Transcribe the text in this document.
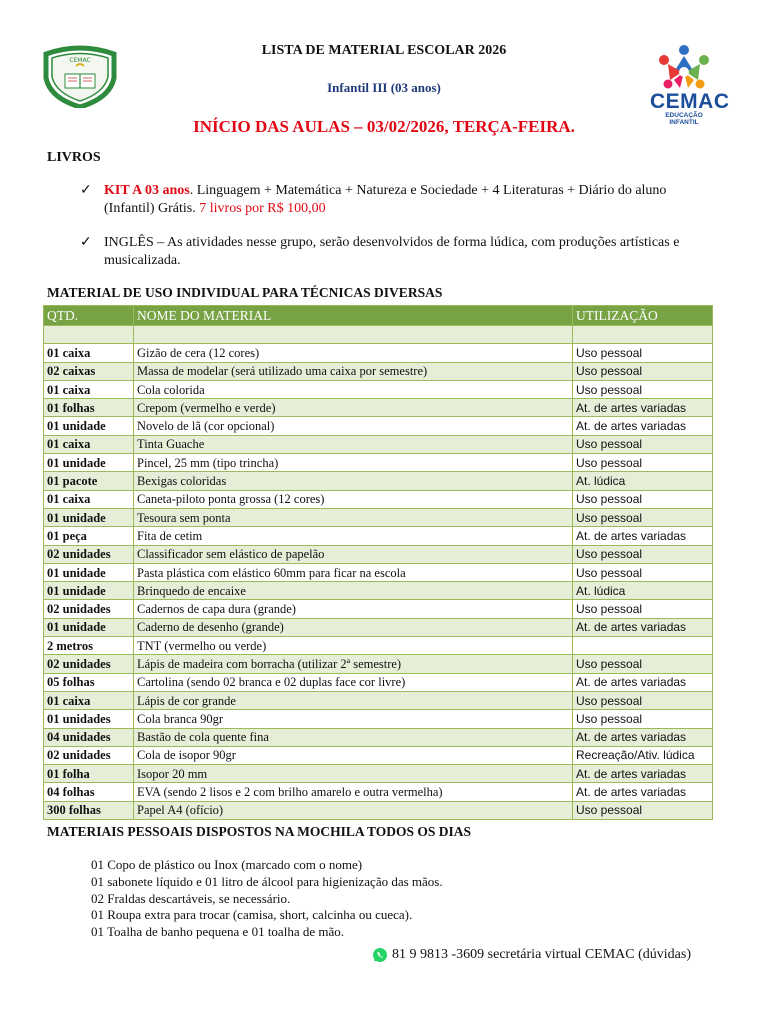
CEMAC
LISTA DE MATERIAL ESCOLAR 2026
Infantil III (03 anos)
INÍCIO DAS AULAS – 03/02/2026, TERÇA-FEIRA.
CEMAC
EDUCAÇÃO INFANTIL
LIVROS
✓ KIT A 03 anos. Linguagem + Matemática + Natureza e Sociedade + 4 Literaturas + Diário do aluno (Infantil) Grátis. 7 livros por R$ 100,00
✓ INGLÊS – As atividades nesse grupo, serão desenvolvidos de forma lúdica, com produções artísticas e musicalizada.
MATERIAL DE USO INDIVIDUAL PARA TÉCNICAS DIVERSAS
QTD.	NOME DO MATERIAL	UTILIZAÇÃO

01 caixa	Gizão de cera (12 cores)	Uso pessoal
02 caixas	Massa de modelar (será utilizado uma caixa por semestre)	Uso pessoal
01 caixa	Cola colorida	Uso pessoal
01 folhas	Crepom (vermelho e verde)	At. de artes variadas
01 unidade	Novelo de lã (cor opcional)	At. de artes variadas
01 caixa	Tinta Guache	Uso pessoal
01 unidade	Pincel, 25 mm (tipo trincha)	Uso pessoal
01 pacote	Bexigas coloridas	At. lúdica
01 caixa	Caneta-piloto ponta grossa (12 cores)	Uso pessoal
01 unidade	Tesoura sem ponta	Uso pessoal
01 peça	Fita de cetim	At. de artes variadas
02 unidades	Classificador sem elástico de papelão	Uso pessoal
01 unidade	Pasta plástica com elástico 60mm para ficar na escola	Uso pessoal
01 unidade	Brinquedo de encaixe	At. lúdica
02 unidades	Cadernos de capa dura (grande)	Uso pessoal
01 unidade	Caderno de desenho (grande)	At. de artes variadas
2 metros	TNT (vermelho ou verde)	
02 unidades	Lápis de madeira com borracha (utilizar 2ª semestre)	Uso pessoal
05 folhas	Cartolina (sendo 02 branca e 02 duplas face cor livre)	At. de artes variadas
01 caixa	Lápis de cor grande	Uso pessoal
01 unidades	Cola branca 90gr	Uso pessoal
04 unidades	Bastão de cola quente fina	At. de artes variadas
02 unidades	Cola de isopor 90gr	Recreação/Ativ. lúdica
01 folha	Isopor 20 mm	At. de artes variadas
04 folhas	EVA (sendo 2 lisos e 2 com brilho amarelo e outra vermelha)	At. de artes variadas
300 folhas	Papel A4 (ofício)	Uso pessoal
MATERIAIS PESSOAIS DISPOSTOS NA MOCHILA TODOS OS DIAS
01 Copo de plástico ou Inox (marcado com o nome)
01 sabonete líquido e 01 litro de álcool para higienização das mãos.
02 Fraldas descartáveis, se necessário.
01 Roupa extra para trocar (camisa, short, calcinha ou cueca).
01 Toalha de banho pequena e 01 toalha de mão.
81 9 9813 -3609 secretária virtual CEMAC (dúvidas)
